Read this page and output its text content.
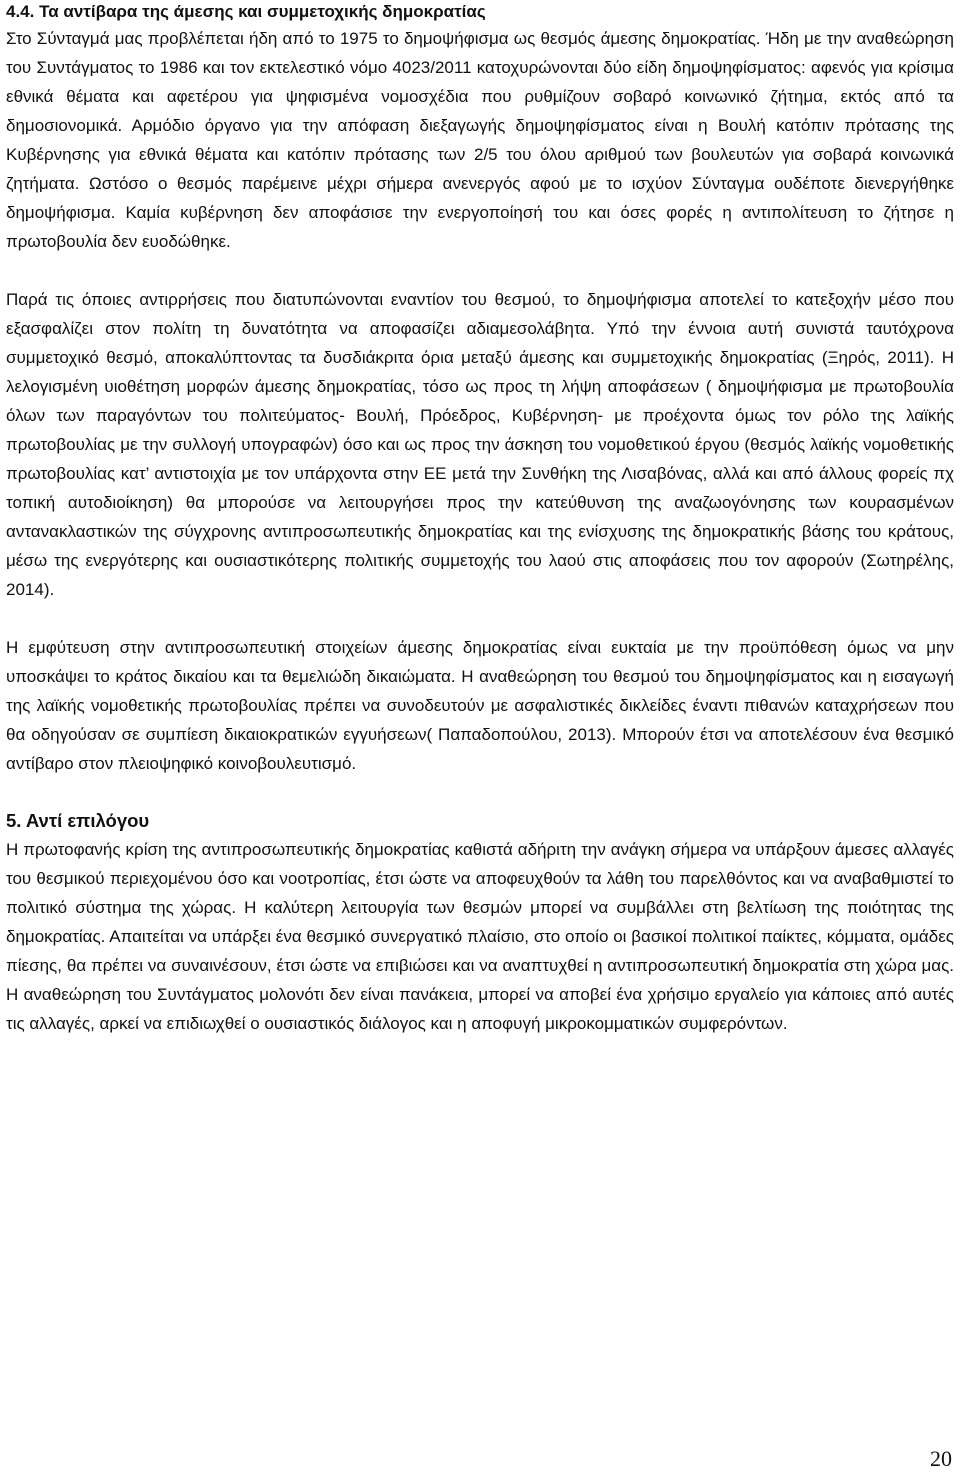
4.4. Τα αντίβαρα της άμεσης και συμμετοχικής δημοκρατίας

Στο Σύνταγμά μας προβλέπεται ήδη από το 1975 το δημοψήφισμα ως θεσμός άμεσης δημοκρατίας. Ήδη με την αναθεώρηση του Συντάγματος το 1986 και τον εκτελεστικό νόμο 4023/2011 κατοχυρώνονται δύο είδη δημοψηφίσματος: αφενός για κρίσιμα εθνικά θέματα και αφετέρου για ψηφισμένα νομοσχέδια που ρυθμίζουν σοβαρό κοινωνικό ζήτημα, εκτός από τα δημοσιονομικά. Αρμόδιο όργανο για την απόφαση διεξαγωγής δημοψηφίσματος είναι η Βουλή κατόπιν πρότασης της Κυβέρνησης για εθνικά θέματα και κατόπιν πρότασης των 2/5 του όλου αριθμού των βουλευτών για σοβαρά κοινωνικά ζητήματα. Ωστόσο ο θεσμός παρέμεινε μέχρι σήμερα ανενεργός αφού με το ισχύον Σύνταγμα ουδέποτε διενεργήθηκε δημοψήφισμα. Καμία κυβέρνηση δεν αποφάσισε την ενεργοποίησή του και όσες φορές η αντιπολίτευση το ζήτησε η πρωτοβουλία δεν ευοδώθηκε.

Παρά τις όποιες αντιρρήσεις που διατυπώνονται εναντίον του θεσμού, το δημοψήφισμα αποτελεί το κατεξοχήν μέσο που εξασφαλίζει στον πολίτη τη δυνατότητα να αποφασίζει αδιαμεσολάβητα. Υπό την έννοια αυτή συνιστά ταυτόχρονα συμμετοχικό θεσμό, αποκαλύπτοντας τα δυσδιάκριτα όρια μεταξύ άμεσης και συμμετοχικής δημοκρατίας (Ξηρός, 2011). Η λελογισμένη υιοθέτηση μορφών άμεσης δημοκρατίας, τόσο ως προς τη λήψη αποφάσεων ( δημοψήφισμα με πρωτοβουλία όλων των παραγόντων του πολιτεύματος- Βουλή, Πρόεδρος, Κυβέρνηση- με προέχοντα όμως τον ρόλο της λαϊκής πρωτοβουλίας με την συλλογή υπογραφών) όσο και ως προς την άσκηση του νομοθετικού έργου (θεσμός λαϊκής νομοθετικής πρωτοβουλίας κατ’ αντιστοιχία με τον υπάρχοντα στην ΕΕ μετά την Συνθήκη της Λισαβόνας, αλλά και από άλλους φορείς πχ τοπική αυτοδιοίκηση) θα μπορούσε να λειτουργήσει προς την κατεύθυνση της αναζωογόνησης των κουρασμένων αντανακλαστικών της σύγχρονης αντιπροσωπευτικής δημοκρατίας και της ενίσχυσης της δημοκρατικής βάσης του κράτους, μέσω της ενεργότερης και ουσιαστικότερης πολιτικής συμμετοχής του λαού στις αποφάσεις που τον αφορούν (Σωτηρέλης, 2014).

Η εμφύτευση στην αντιπροσωπευτική στοιχείων άμεσης δημοκρατίας είναι ευκταία με την προϋπόθεση όμως να μην υποσκάψει το κράτος δικαίου και τα θεμελιώδη δικαιώματα. Η αναθεώρηση του θεσμού του δημοψηφίσματος και η εισαγωγή της λαϊκής νομοθετικής πρωτοβουλίας πρέπει να συνοδευτούν με ασφαλιστικές δικλείδες έναντι πιθανών καταχρήσεων που θα οδηγούσαν σε συμπίεση δικαιοκρατικών εγγυήσεων( Παπαδοπούλου, 2013). Μπορούν έτσι να αποτελέσουν ένα θεσμικό αντίβαρο στον πλειοψηφικό κοινοβουλευτισμό.

5. Αντί επιλόγου

Η πρωτοφανής κρίση της αντιπροσωπευτικής δημοκρατίας καθιστά αδήριτη την ανάγκη σήμερα να υπάρξουν άμεσες αλλαγές του θεσμικού περιεχομένου όσο και νοοτροπίας, έτσι ώστε να αποφευχθούν τα λάθη του παρελθόντος και να αναβαθμιστεί το πολιτικό σύστημα της χώρας. Η καλύτερη λειτουργία των θεσμών μπορεί να συμβάλλει στη βελτίωση της ποιότητας της δημοκρατίας. Απαιτείται να υπάρξει ένα θεσμικό συνεργατικό πλαίσιο, στο οποίο οι βασικοί πολιτικοί παίκτες, κόμματα, ομάδες πίεσης, θα πρέπει να συναινέσουν, έτσι ώστε να επιβιώσει και να αναπτυχθεί η αντιπροσωπευτική δημοκρατία στη χώρα μας. Η αναθεώρηση του Συντάγματος μολονότι δεν είναι πανάκεια, μπορεί να αποβεί ένα χρήσιμο εργαλείο για κάποιες από αυτές τις αλλαγές, αρκεί να επιδιωχθεί ο ουσιαστικός διάλογος και η αποφυγή μικροκομματικών συμφερόντων.

20
